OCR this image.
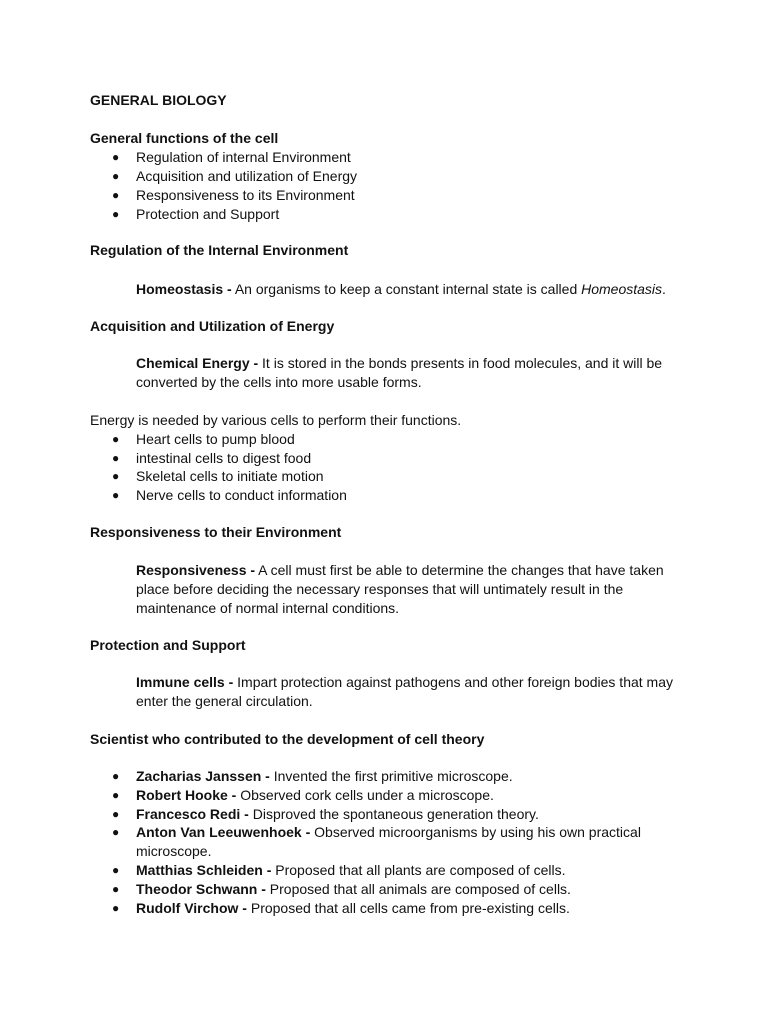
GENERAL BIOLOGY
General functions of the cell
● Regulation of internal Environment
● Acquisition and utilization of Energy
● Responsiveness to its Environment
● Protection and Support
Regulation of the Internal Environment
Homeostasis - An organisms to keep a constant internal state is called Homeostasis.
Acquisition and Utilization of Energy
Chemical Energy - It is stored in the bonds presents in food molecules, and it will be converted by the cells into more usable forms.
Energy is needed by various cells to perform their functions.
● Heart cells to pump blood
● intestinal cells to digest food
● Skeletal cells to initiate motion
● Nerve cells to conduct information
Responsiveness to their Environment
Responsiveness - A cell must first be able to determine the changes that have taken place before deciding the necessary responses that will untimately result in the maintenance of normal internal conditions.
Protection and Support
Immune cells - Impart protection against pathogens and other foreign bodies that may enter the general circulation.
Scientist who contributed to the development of cell theory
● Zacharias Janssen - Invented the first primitive microscope.
● Robert Hooke - Observed cork cells under a microscope.
● Francesco Redi - Disproved the spontaneous generation theory.
● Anton Van Leeuwenhoek - Observed microorganisms by using his own practical microscope.
● Matthias Schleiden - Proposed that all plants are composed of cells.
● Theodor Schwann - Proposed that all animals are composed of cells.
● Rudolf Virchow - Proposed that all cells came from pre-existing cells.
